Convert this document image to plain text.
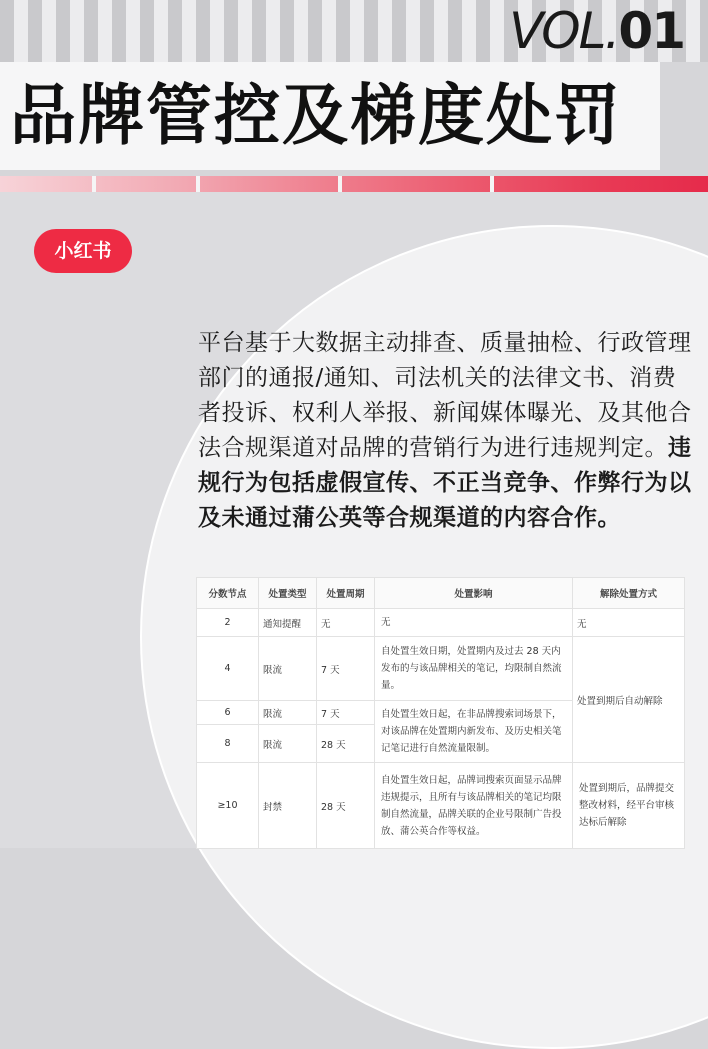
VOL.01
品牌管控及梯度处罚
小红书
平台基于大数据主动排查、质量抽检、行政管理部门的通报/通知、司法机关的法律文书、消费者投诉、权利人举报、新闻媒体曝光、及其他合法合规渠道对品牌的营销行为进行违规判定。违规行为包括虚假宣传、不正当竞争、作弊行为以及未通过蒲公英等合规渠道的内容合作。
分数节点	处置类型	处置周期	处置影响	解除处置方式
2	通知提醒	无	无	无
4	限流	7 天	自处置生效日期，处置期内及过去 28 天内发布的与该品牌相关的笔记，均限制自然流量。	处置到期后自动解除
6	限流	7 天	自处置生效日起，在非品牌搜索词场景下，对该品牌在处置期内新发布、及历史相关笔记笔记进行自然流量限制。	
8	限流	28 天		
≥10	封禁	28 天	自处置生效日起，品牌词搜索页面显示品牌违规提示，且所有与该品牌相关的笔记均限制自然流量，品牌关联的企业号限制广告投放、蒲公英合作等权益。	处置到期后，品牌提交整改材料，经平台审核达标后解除
